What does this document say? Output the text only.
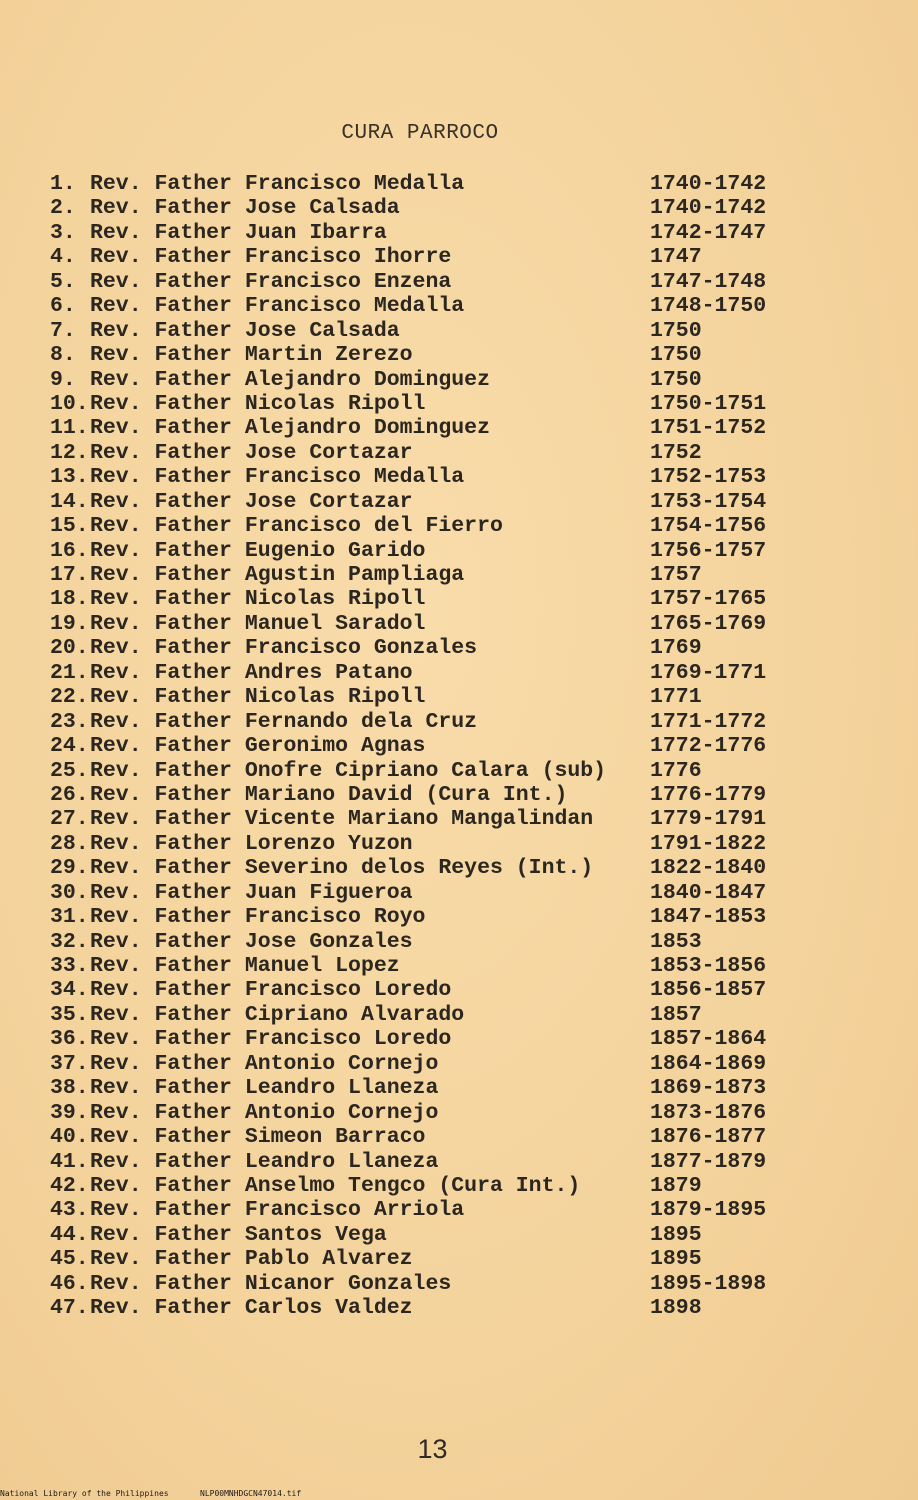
CURA PARROCO
1. Rev. Father Francisco Medalla	1740-1742
2. Rev. Father Jose Calsada	1740-1742
3. Rev. Father Juan Ibarra	1742-1747
4. Rev. Father Francisco Ihorre	1747
5. Rev. Father Francisco Enzena	1747-1748
6. Rev. Father Francisco Medalla	1748-1750
7. Rev. Father Jose Calsada	1750
8. Rev. Father Martin Zerezo	1750
9. Rev. Father Alejandro Dominguez	1750
10. Rev. Father Nicolas Ripoll	1750-1751
11. Rev. Father Alejandro Dominguez	1751-1752
12. Rev. Father Jose Cortazar	1752
13. Rev. Father Francisco Medalla	1752-1753
14. Rev. Father Jose Cortazar	1753-1754
15. Rev. Father Francisco del Fierro	1754-1756
16. Rev. Father Eugenio Garido	1756-1757
17. Rev. Father Agustin Pampliaga	1757
18. Rev. Father Nicolas Ripoll	1757-1765
19. Rev. Father Manuel Saradol	1765-1769
20. Rev. Father Francisco Gonzales	1769
21. Rev. Father Andres Patano	1769-1771
22. Rev. Father Nicolas Ripoll	1771
23. Rev. Father Fernando dela Cruz	1771-1772
24. Rev. Father Geronimo Agnas	1772-1776
25. Rev. Father Onofre Cipriano Calara (sub) 1776
26. Rev. Father Mariano David (Cura Int.)	1776-1779
27. Rev. Father Vicente Mariano Mangalindan	1779-1791
28. Rev. Father Lorenzo Yuzon	1791-1822
29. Rev. Father Severino delos Reyes (Int.)	1822-1840
30. Rev. Father Juan Figueroa	1840-1847
31. Rev. Father Francisco Royo	1847-1853
32. Rev. Father Jose Gonzales	1853
33. Rev. Father Manuel Lopez	1853-1856
34. Rev. Father Francisco Loredo	1856-1857
35. Rev. Father Cipriano Alvarado	1857
36. Rev. Father Francisco Loredo	1857-1864
37. Rev. Father Antonio Cornejo	1864-1869
38. Rev. Father Leandro Llaneza	1869-1873
39. Rev. Father Antonio Cornejo	1873-1876
40. Rev. Father Simeon Barraco	1876-1877
41. Rev. Father Leandro Llaneza	1877-1879
42. Rev. Father Anselmo Tengco (Cura Int.)	1879
43. Rev. Father Francisco Arriola	1879-1895
44. Rev. Father Santos Vega	1895
45. Rev. Father Pablo Alvarez	1895
46. Rev. Father Nicanor Gonzales	1895-1898
47. Rev. Father Carlos Valdez	1898
13
National Library of the Philippines	NLP00MNHDGCN47014.tif
